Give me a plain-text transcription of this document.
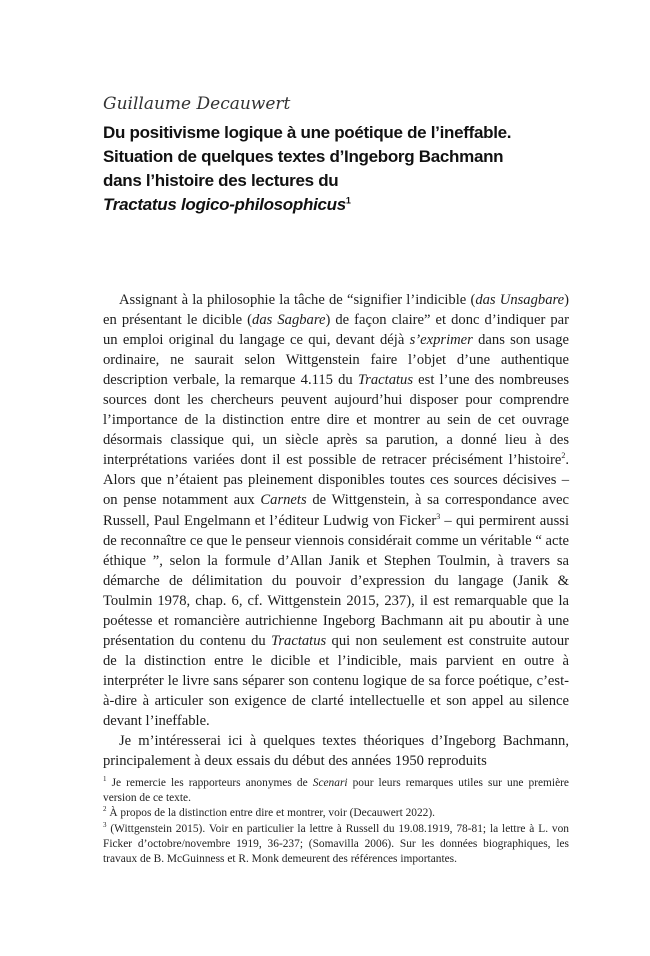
Guillaume Decauwert

Du positivisme logique à une poétique de l’ineffable.
Situation de quelques textes d’Ingeborg Bachmann
dans l’histoire des lectures du
Tractatus logico-philosophicus$^1$

Assignant à la philosophie la tâche de “signifier l’indicible (das Unsagbare) en présentant le dicible (das Sagbare) de façon claire” et donc d’indiquer par un emploi original du langage ce qui, devant déjà s’exprimer dans son usage ordinaire, ne saurait selon Wittgenstein faire l’objet d’une authentique description verbale, la remarque 4.115 du Tractatus est l’une des nombreuses sources dont les chercheurs peuvent aujourd’hui disposer pour comprendre l’importance de la distinction entre dire et montrer au sein de cet ouvrage désormais classique qui, un siècle après sa parution, a donné lieu à des interprétations variées dont il est possible de retracer précisément l’histoire$^2$. Alors que n’étaient pas pleinement disponibles toutes ces sources décisives – on pense notamment aux Carnets de Wittgenstein, à sa correspondance avec Russell, Paul Engelmann et l’éditeur Ludwig von Ficker$^3$ – qui permirent aussi de reconnaître ce que le penseur viennois considérait comme un véritable “ acte éthique ”, selon la formule d’Allan Janik et Stephen Toulmin, à travers sa démarche de délimitation du pouvoir d’expression du langage (Janik & Toulmin 1978, chap. 6, cf. Wittgenstein 2015, 237), il est remarquable que la poétesse et romancière autrichienne Ingeborg Bachmann ait pu aboutir à une présentation du contenu du Tractatus qui non seulement est construite autour de la distinction entre le dicible et l’indicible, mais parvient en outre à interpréter le livre sans séparer son contenu logique de sa force poétique, c’est-à-dire à articuler son exigence de clarté intellectuelle et son appel au silence devant l’ineffable.

Je m’intéresserai ici à quelques textes théoriques d’Ingeborg Bachmann, principalement à deux essais du début des années 1950 reproduits

$^1$ Je remercie les rapporteurs anonymes de Scenari pour leurs remarques utiles sur une première version de ce texte.

$^2$ À propos de la distinction entre dire et montrer, voir (Decauwert 2022).

$^3$ (Wittgenstein 2015). Voir en particulier la lettre à Russell du 19.08.1919, 78-81; la lettre à L. von Ficker d’octobre/novembre 1919, 36-237; (Somavilla 2006). Sur les données biographiques, les travaux de B. McGuinness et R. Monk demeurent des références importantes.
